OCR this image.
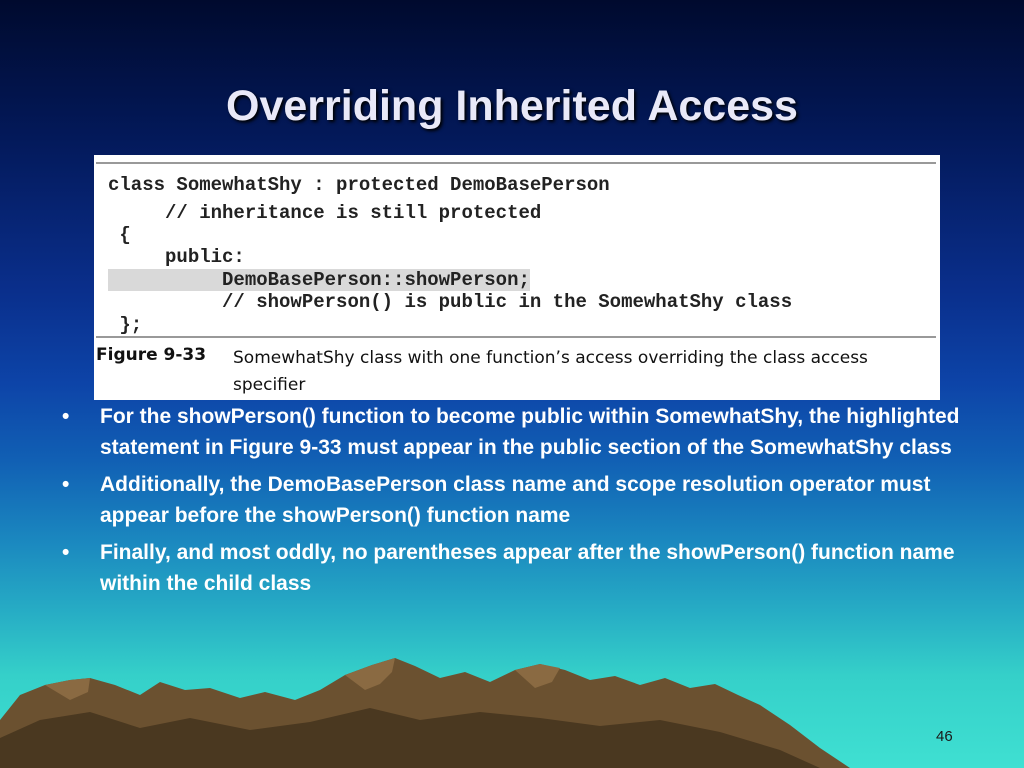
Overriding Inherited Access
class SomewhatShy : protected DemoBasePerson
// inheritance is still protected
{
public:
DemoBasePerson::showPerson;
// showPerson() is public in the SomewhatShy class
};
Figure 9-33 SomewhatShy class with one function’s access overriding the class access specifier
• For the showPerson() function to become public within SomewhatShy, the highlighted statement in Figure 9-33 must appear in the public section of the SomewhatShy class
• Additionally, the DemoBasePerson class name and scope resolution operator must appear before the showPerson() function name
• Finally, and most oddly, no parentheses appear after the showPerson() function name within the child class
46
